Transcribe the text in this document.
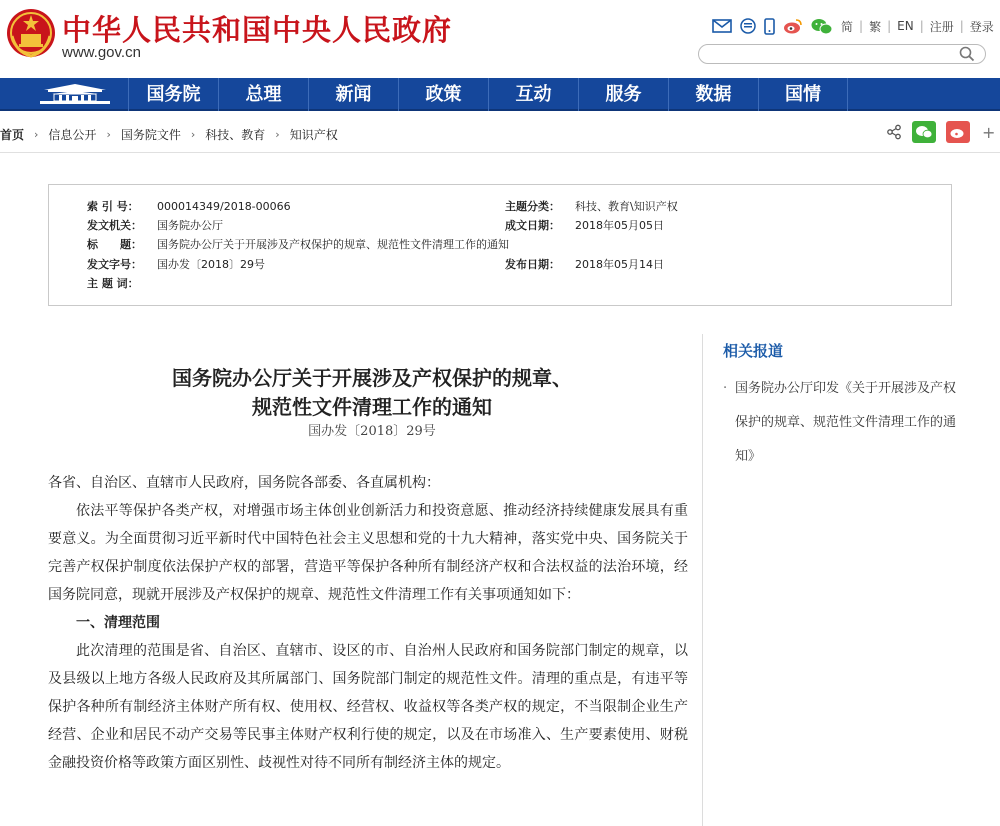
中华人民共和国中央人民政府
www.gov.cn
简 | 繁 | EN | 注册 | 登录
国务院	总理	新闻	政策	互动	服务	数据	国情
首页 › 信息公开 › 国务院文件 › 科技、教育 › 知识产权	+
索 引 号： 000014349/2018-00066	主题分类： 科技、教育\知识产权
发文机关： 国务院办公厅	成文日期： 2018年05月05日
标　　题： 国务院办公厅关于开展涉及产权保护的规章、规范性文件清理工作的通知
发文字号： 国办发〔2018〕29号	发布日期： 2018年05月14日
主 题 词：
国务院办公厅关于开展涉及产权保护的规章、
规范性文件清理工作的通知
国办发〔2018〕29号

各省、自治区、直辖市人民政府，国务院各部委、各直属机构：

依法平等保护各类产权，对增强市场主体创业创新活力和投资意愿、推动经济持续健康发展具有重要意义。为全面贯彻习近平新时代中国特色社会主义思想和党的十九大精神，落实党中央、国务院关于完善产权保护制度依法保护产权的部署，营造平等保护各种所有制经济产权和合法权益的法治环境，经国务院同意，现就开展涉及产权保护的规章、规范性文件清理工作有关事项通知如下：

一、清理范围

此次清理的范围是省、自治区、直辖市、设区的市、自治州人民政府和国务院部门制定的规章，以及县级以上地方各级人民政府及其所属部门、国务院部门制定的规范性文件。清理的重点是，有违平等保护各种所有制经济主体财产所有权、使用权、经营权、收益权等各类产权的规定，不当限制企业生产经营、企业和居民不动产交易等民事主体财产权利行使的规定，以及在市场准入、生产要素使用、财税金融投资价格等政策方面区别性、歧视性对待不同所有制经济主体的规定。

相关报道
· 国务院办公厅印发《关于开展涉及产权保护的规章、规范性文件清理工作的通知》
